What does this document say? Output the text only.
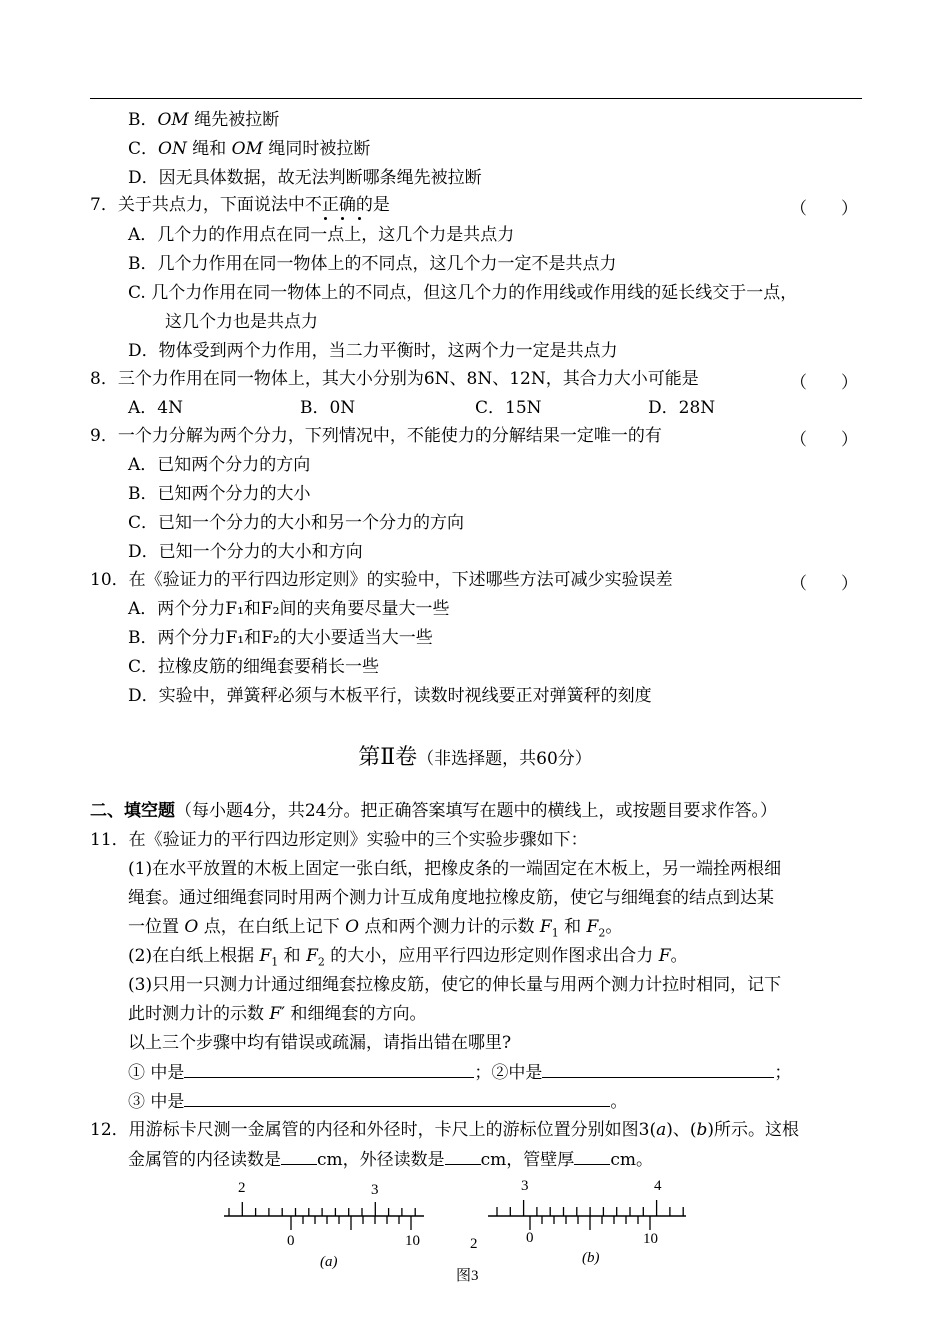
B．OM 绳先被拉断
C．ON 绳和 OM 绳同时被拉断
D．因无具体数据，故无法判断哪条绳先被拉断
7．关于共点力，下面说法中不正确的是	（　　）
A．几个力的作用点在同一点上，这几个力是共点力
B．几个力作用在同一物体上的不同点，这几个力一定不是共点力
C. 几个力作用在同一物体上的不同点，但这几个力的作用线或作用线的延长线交于一点，
这几个力也是共点力
D．物体受到两个力作用，当二力平衡时，这两个力一定是共点力
8．三个力作用在同一物体上，其大小分别为6N、8N、12N，其合力大小可能是	（　　）
A．4N	B．0N	C．15N	D．28N
9．一个力分解为两个分力，下列情况中，不能使力的分解结果一定唯一的有	（　　）
A．已知两个分力的方向
B．已知两个分力的大小
C．已知一个分力的大小和另一个分力的方向
D．已知一个分力的大小和方向
10．在《验证力的平行四边形定则》的实验中，下述哪些方法可减少实验误差	（　　）
A．两个分力F₁和F₂间的夹角要尽量大一些
B．两个分力F₁和F₂的大小要适当大一些
C．拉橡皮筋的细绳套要稍长一些
D．实验中，弹簧秤必须与木板平行，读数时视线要正对弹簧秤的刻度
第Ⅱ卷（非选择题，共60分）
二、填空题（每小题4分，共24分。把正确答案填写在题中的横线上，或按题目要求作答。）
11．在《验证力的平行四边形定则》实验中的三个实验步骤如下：
(1)在水平放置的木板上固定一张白纸，把橡皮条的一端固定在木板上，另一端拴两根细
绳套。通过细绳套同时用两个测力计互成角度地拉橡皮筋，使它与细绳套的结点到达某
一位置 O 点，在白纸上记下 O 点和两个测力计的示数 $F_1$ 和 $F_2$。
(2)在白纸上根据 $F_1$ 和 $F_2$ 的大小，应用平行四边形定则作图求出合力 F。
(3)只用一只测力计通过细绳套拉橡皮筋，使它的伸长量与用两个测力计拉时相同，记下
此时测力计的示数 F′ 和细绳套的方向。
以上三个步骤中均有错误或疏漏，请指出错在哪里?
① 中是	；②中是	；
③ 中是	。
12．用游标卡尺测一金属管的内径和外径时，卡尺上的游标位置分别如图3(a)、(b)所示。这根
金属管的内径读数是 cm，外径读数是 cm，管壁厚 cm。
2	3
0	10
(a)
3	4
0	10
2
(b)
图3
